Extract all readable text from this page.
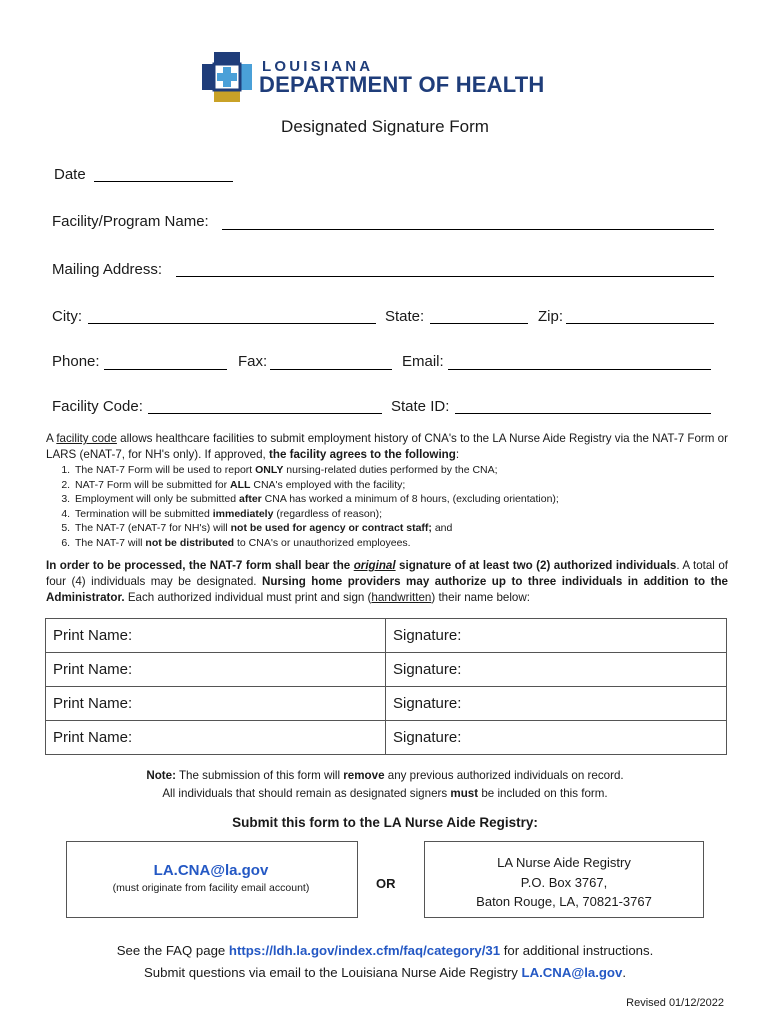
LOUISIANA
DEPARTMENT OF HEALTH
Designated Signature Form
Date
Facility/Program Name:
Mailing Address:
City:	State:	Zip:
Phone:	Fax:	Email:
Facility Code:	State ID:
A facility code allows healthcare facilities to submit employment history of CNA's to the LA Nurse Aide Registry via the NAT-7 Form or LARS (eNAT-7, for NH's only). If approved, the facility agrees to the following:
1. The NAT-7 Form will be used to report ONLY nursing-related duties performed by the CNA;
2. NAT-7 Form will be submitted for ALL CNA's employed with the facility;
3. Employment will only be submitted after CNA has worked a minimum of 8 hours, (excluding orientation);
4. Termination will be submitted immediately (regardless of reason);
5. The NAT-7 (eNAT-7 for NH's) will not be used for agency or contract staff; and
6. The NAT-7 will not be distributed to CNA's or unauthorized employees.
In order to be processed, the NAT-7 form shall bear the original signature of at least two (2) authorized individuals. A total of four (4) individuals may be designated. Nursing home providers may authorize up to three individuals in addition to the Administrator. Each authorized individual must print and sign (handwritten) their name below:
Print Name:	Signature:
Print Name:	Signature:
Print Name:	Signature:
Print Name:	Signature:
Note: The submission of this form will remove any previous authorized individuals on record.
All individuals that should remain as designated signers must be included on this form.
Submit this form to the LA Nurse Aide Registry:
LA.CNA@la.gov
(must originate from facility email account)	OR
LA Nurse Aide Registry
P.O. Box 3767,
Baton Rouge, LA, 70821-3767
See the FAQ page https://ldh.la.gov/index.cfm/faq/category/31 for additional instructions.
Submit questions via email to the Louisiana Nurse Aide Registry LA.CNA@la.gov.
Revised 01/12/2022
